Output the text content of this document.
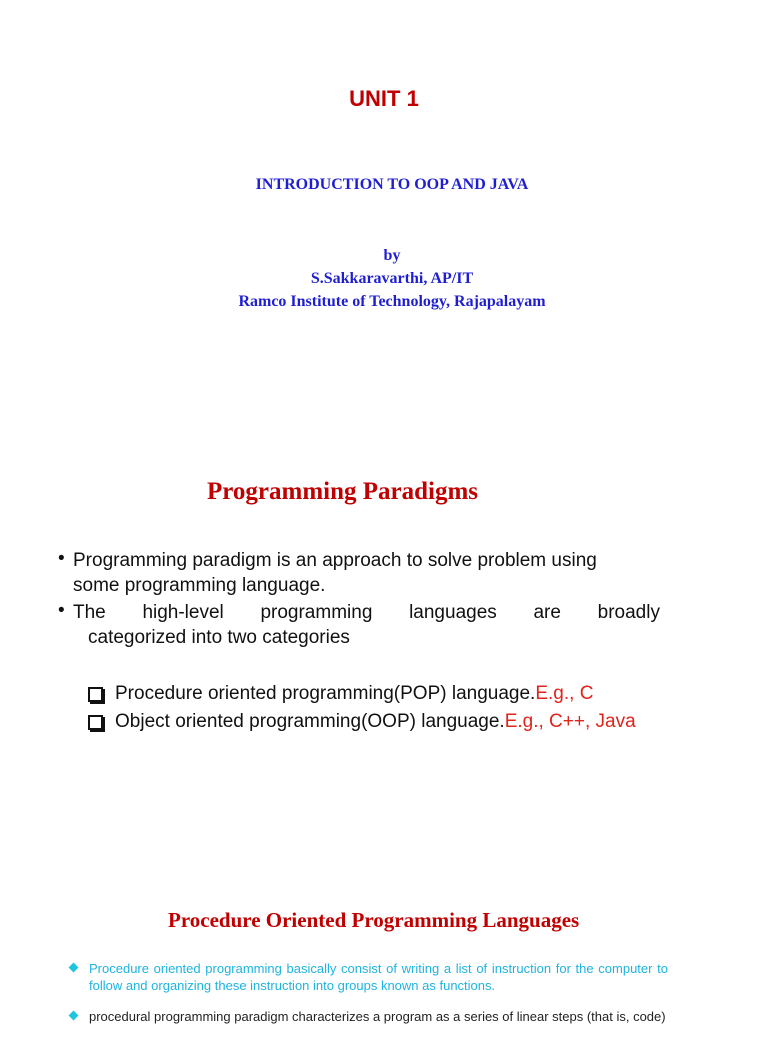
UNIT 1
INTRODUCTION TO OOP AND JAVA
by
S.Sakkaravarthi, AP/IT
Ramco Institute of Technology, Rajapalayam
Programming Paradigms
• Programming paradigm is an approach to solve problem using
some programming language.
• The high-level programming languages are broadly
categorized into two categories
Procedure oriented programming(POP) language. E.g., C
Object oriented programming(OOP) language. E.g., C++, Java
Procedure Oriented Programming Languages
Procedure oriented programming basically consist of writing a list of instruction for the computer to follow and organizing these instruction into groups known as functions.
procedural programming paradigm characterizes a program as a series of linear steps (that is, code)
